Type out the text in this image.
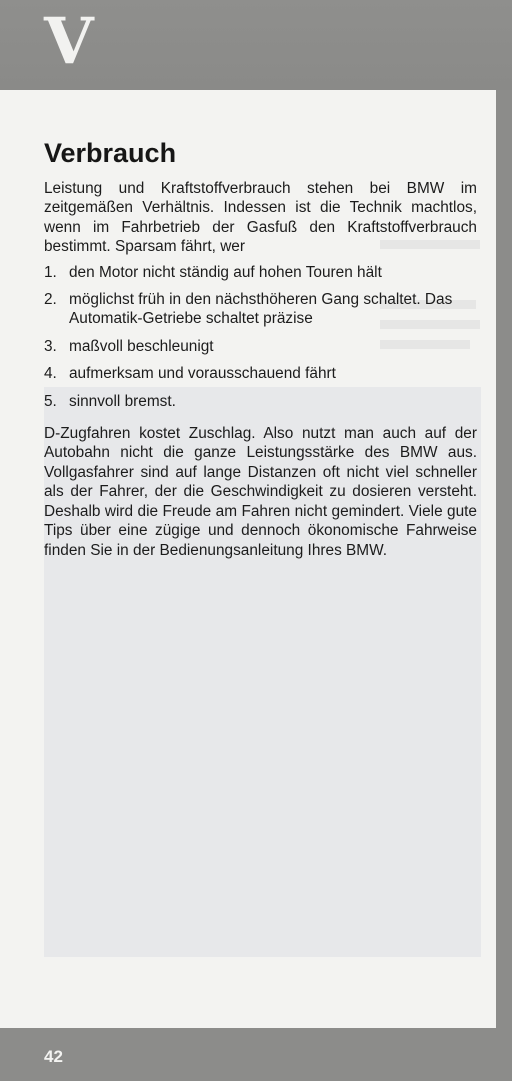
V
Verbrauch

Leistung und Kraftstoffverbrauch stehen bei BMW im zeitgemäßen Verhältnis. Indessen ist die Technik machtlos, wenn im Fahrbetrieb der Gasfuß den Kraftstoffverbrauch bestimmt. Sparsam fährt, wer

1. den Motor nicht ständig auf hohen Touren hält
2. möglichst früh in den nächsthöheren Gang schaltet. Das Automatik-Getriebe schaltet präzise
3. maßvoll beschleunigt
4. aufmerksam und vorausschauend fährt
5. sinnvoll bremst.

D-Zugfahren kostet Zuschlag. Also nutzt man auch auf der Autobahn nicht die ganze Leistungsstärke des BMW aus. Vollgasfahrer sind auf lange Distanzen oft nicht viel schneller als der Fahrer, der die Geschwindigkeit zu dosieren versteht. Deshalb wird die Freude am Fahren nicht gemindert. Viele gute Tips über eine zügige und dennoch ökonomische Fahrweise finden Sie in der Bedienungsanleitung Ihres BMW.

42
